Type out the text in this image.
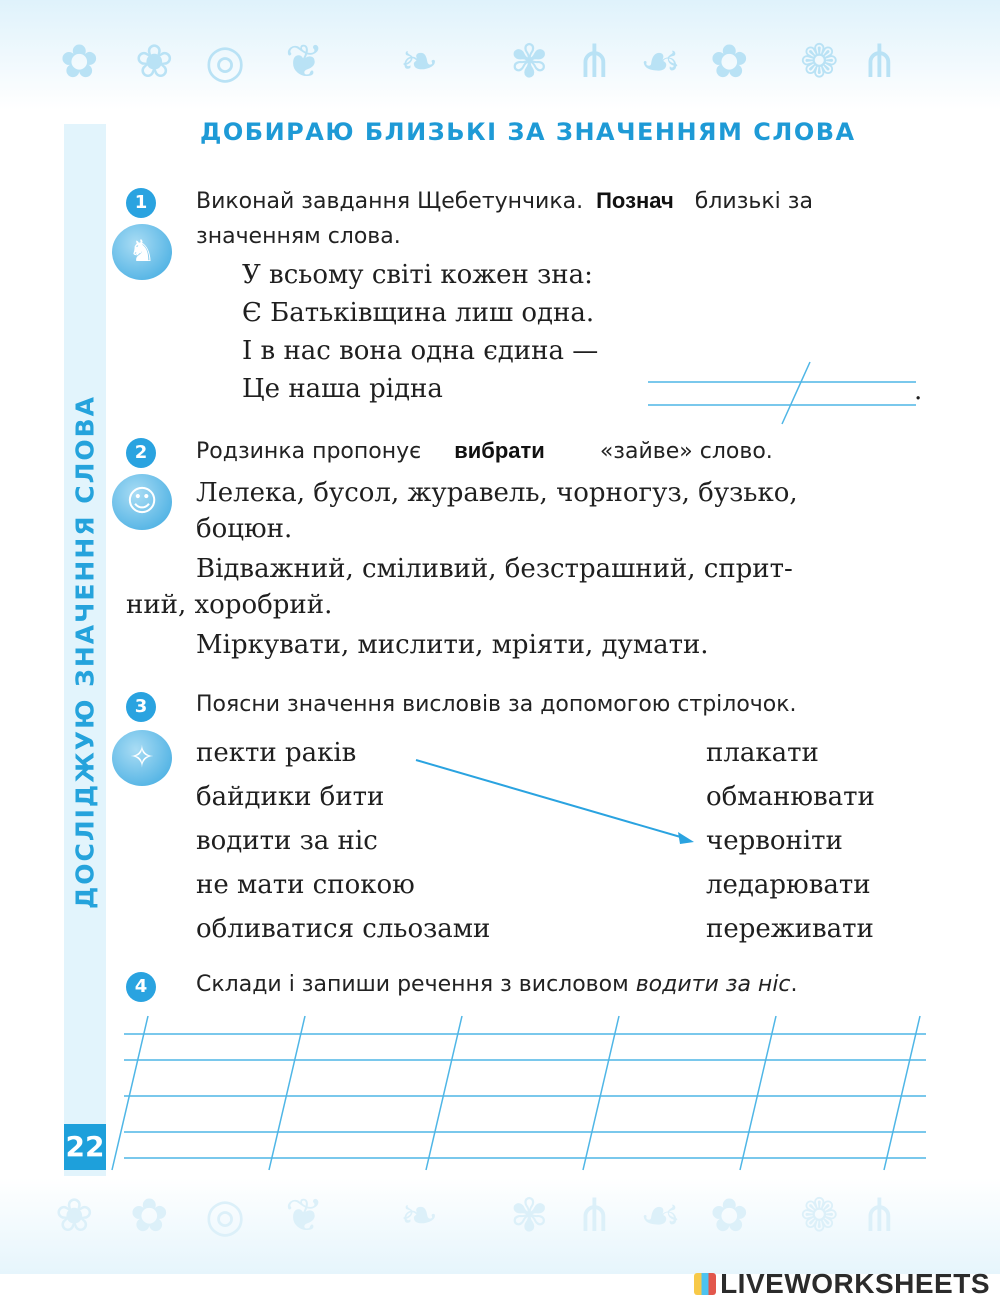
✿ ❀ ◎ ❦ ❧ ✾ ⋔ ☙ ✿ ❁ ⋔
❀ ✿ ◎ ❦ ❧ ✾ ⋔ ☙ ✿ ❁ ⋔
ДОСЛІДЖУЮ ЗНАЧЕННЯ СЛОВА
22
ДОБИРАЮ БЛИЗЬКІ ЗА ЗНАЧЕННЯМ СЛОВА
1
♞
Виконай завдання Щебетунчика. Познач близькі за
значенням слова.
У всьому світі кожен зна:
Є Батьківщина лиш одна.
І в нас вона одна єдина —
Це наша рідна	.
2
☺
Родзинка пропонує вибрати	«зайве» слово.
Лелека, бусол, журавель, чорногуз, бузько,
боцюн.
Відважний, сміливий, безстрашний, сприт-
ний, хоробрий.
Міркувати, мислити, мріяти, думати.
3
✧
Поясни значення висловів за допомогою стрілочок.
пекти раків
байдики бити
водити за ніс
не мати спокою
обливатися сльозами
плакати
обманювати
червоніти
ледарювати
переживати
4	Склади і запиши речення з висловом водити за ніс.
LIVEWORKSHEETS
